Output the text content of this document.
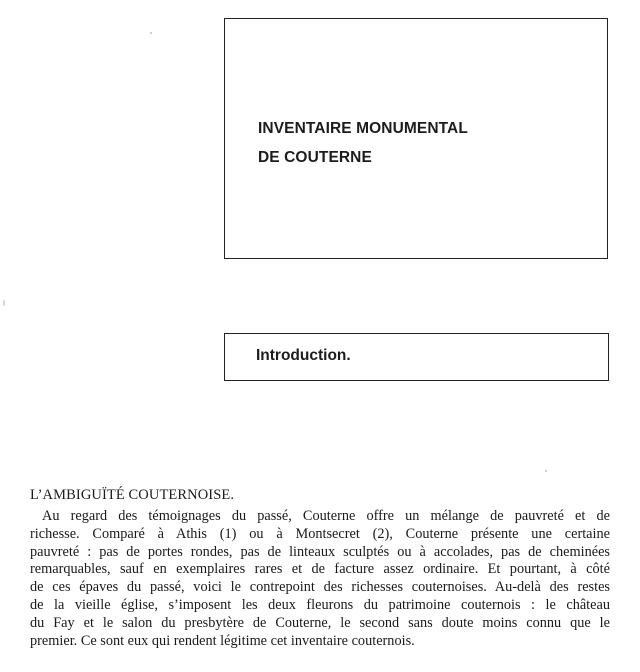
INVENTAIRE MONUMENTAL
DE COUTERNE
Introduction.
L’AMBIGUÏTÉ COUTERNOISE.
Au regard des témoignages du passé, Couterne offre un mélange de pauvreté et de
richesse. Comparé à Athis (1) ou à Montsecret (2), Couterne présente une certaine
pauvreté : pas de portes rondes, pas de linteaux sculptés ou à accolades, pas de cheminées
remarquables, sauf en exemplaires rares et de facture assez ordinaire. Et pourtant, à côté
de ces épaves du passé, voici le contrepoint des richesses couternoises. Au-delà des restes
de la vieille église, s’imposent les deux fleurons du patrimoine couternois : le château
du Fay et le salon du presbytère de Couterne, le second sans doute moins connu que le
premier. Ce sont eux qui rendent légitime cet inventaire couternois.
